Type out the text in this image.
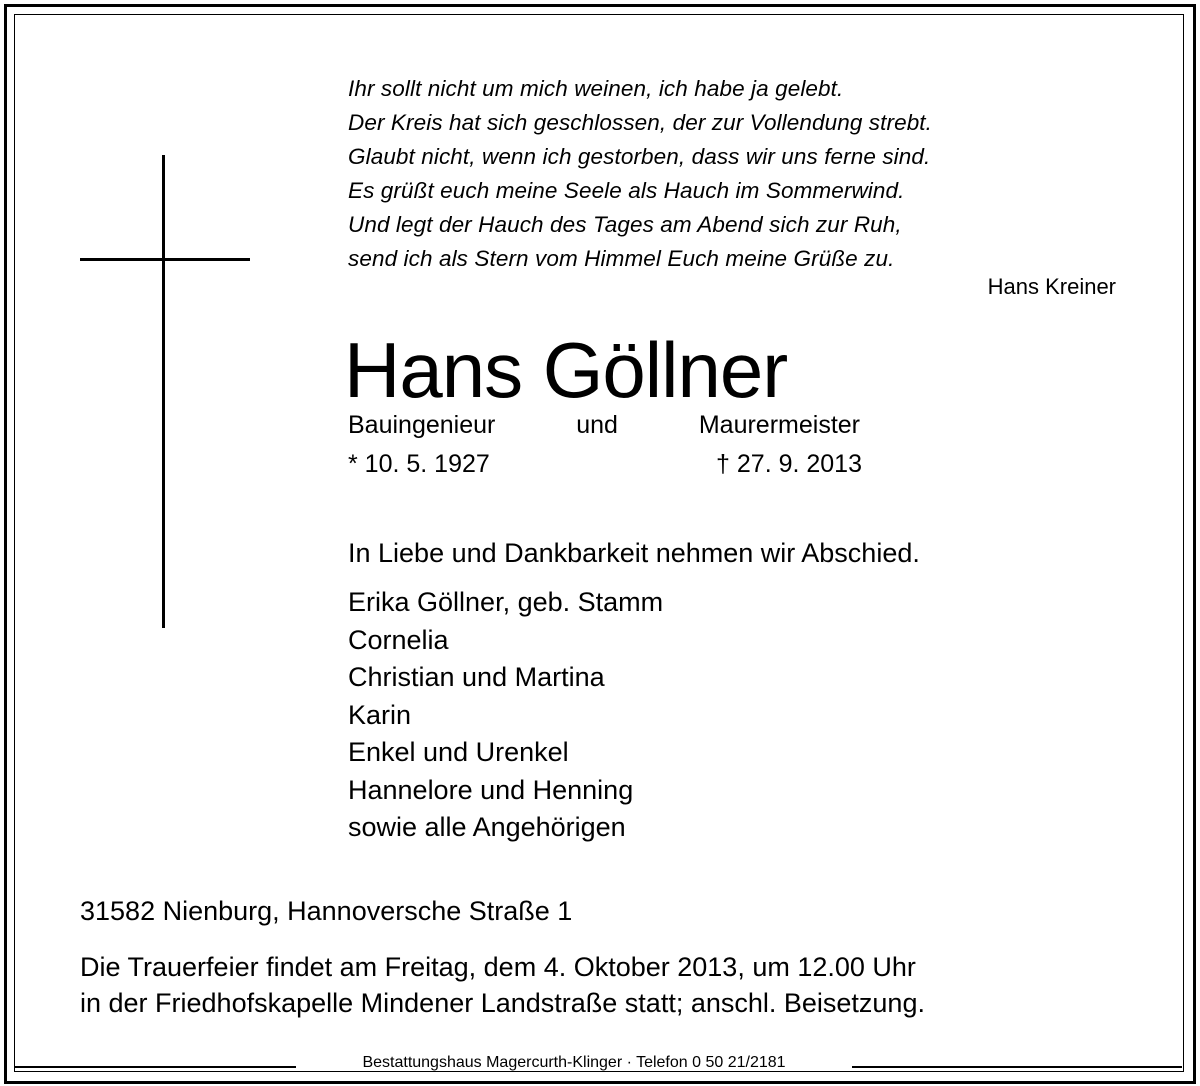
Ihr sollt nicht um mich weinen, ich habe ja gelebt.
Der Kreis hat sich geschlossen, der zur Vollendung strebt.
Glaubt nicht, wenn ich gestorben, dass wir uns ferne sind.
Es grüßt euch meine Seele als Hauch im Sommerwind.
Und legt der Hauch des Tages am Abend sich zur Ruh,
send ich als Stern vom Himmel Euch meine Grüße zu.
Hans Kreiner
Hans Göllner
Bauingenieur	und	Maurermeister
* 10. 5. 1927	† 27. 9. 2013
In Liebe und Dankbarkeit nehmen wir Abschied.
Erika Göllner, geb. Stamm
Cornelia
Christian und Martina
Karin
Enkel und Urenkel
Hannelore und Henning
sowie alle Angehörigen
31582 Nienburg, Hannoversche Straße 1
Die Trauerfeier findet am Freitag, dem 4. Oktober 2013, um 12.00 Uhr
in der Friedhofskapelle Mindener Landstraße statt; anschl. Beisetzung.
Bestattungshaus Magercurth-Klinger · Telefon 0 50 21/2181
